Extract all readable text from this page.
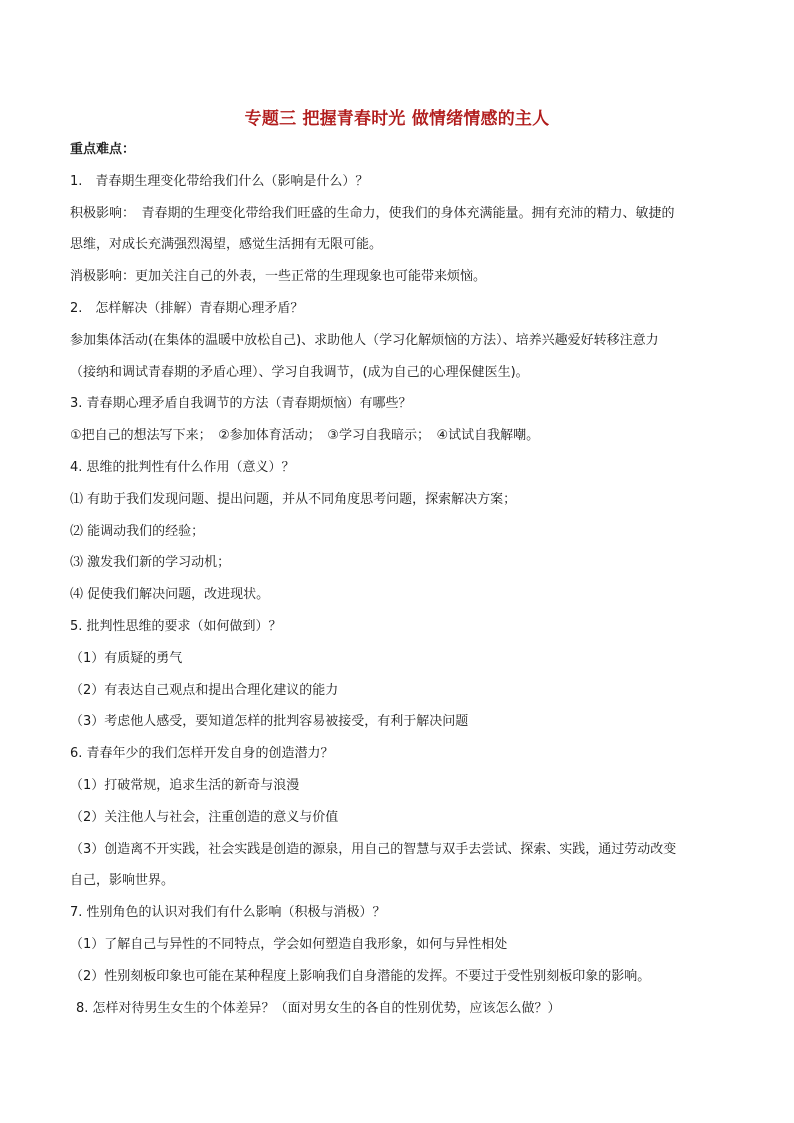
专题三 把握青春时光 做情绪情感的主人
重点难点：
1.　青春期生理变化带给我们什么（影响是什么）？
积极影响：　青春期的生理变化带给我们旺盛的生命力，使我们的身体充满能量。拥有充沛的精力、敏捷的
思维，对成长充满强烈渴望，感觉生活拥有无限可能。
消极影响：更加关注自己的外表，一些正常的生理现象也可能带来烦恼。
2.　怎样解决（排解）青春期心理矛盾？
参加集体活动(在集体的温暖中放松自己)、求助他人（学习化解烦恼的方法）、培养兴趣爱好转移注意力
（接纳和调试青春期的矛盾心理）、学习自我调节，(成为自己的心理保健医生)。
3. 青春期心理矛盾自我调节的方法（青春期烦恼）有哪些？
①把自己的想法写下来；　②参加体育活动；　③学习自我暗示；　④试试自我解嘲。
4. 思维的批判性有什么作用（意义）？
⑴ 有助于我们发现问题、提出问题，并从不同角度思考问题，探索解决方案；
⑵ 能调动我们的经验；
⑶ 激发我们新的学习动机；
⑷ 促使我们解决问题，改进现状。
5. 批判性思维的要求（如何做到）？
（1）有质疑的勇气
（2）有表达自己观点和提出合理化建议的能力
（3）考虑他人感受，要知道怎样的批判容易被接受，有利于解决问题
6. 青春年少的我们怎样开发自身的创造潜力？
（1）打破常规，追求生活的新奇与浪漫
（2）关注他人与社会，注重创造的意义与价值
（3）创造离不开实践，社会实践是创造的源泉，用自己的智慧与双手去尝试、探索、实践，通过劳动改变
自己，影响世界。
7. 性别角色的认识对我们有什么影响（积极与消极）？
（1）了解自己与异性的不同特点，学会如何塑造自我形象，如何与异性相处
（2）性别刻板印象也可能在某种程度上影响我们自身潜能的发挥。不要过于受性别刻板印象的影响。
8. 怎样对待男生女生的个体差异？（面对男女生的各自的性别优势，应该怎么做？）
